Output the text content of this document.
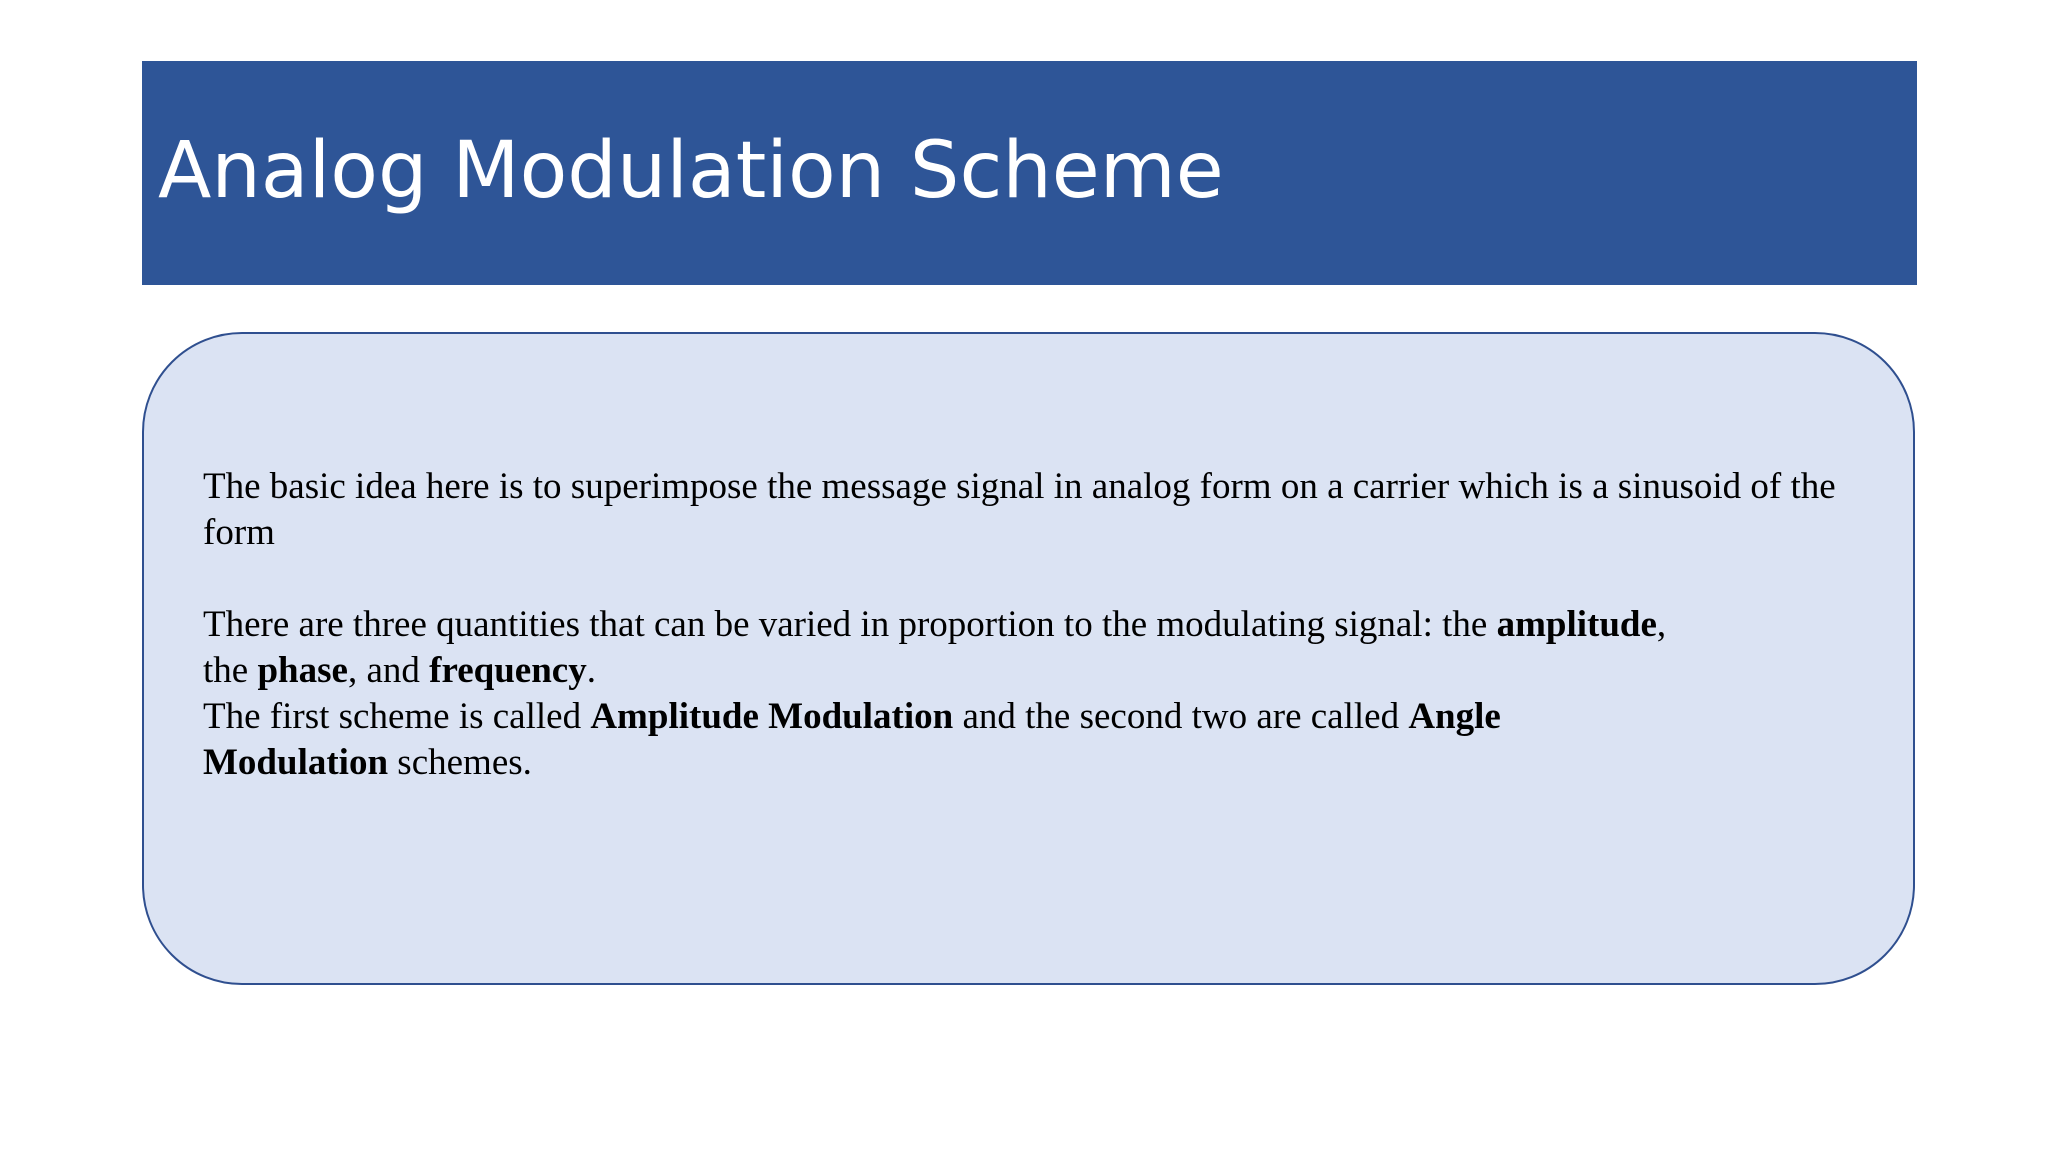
Analog Modulation Scheme

The basic idea here is to superimpose the message signal in analog form on a carrier which is a sinusoid of the form

There are three quantities that can be varied in proportion to the modulating signal: the amplitude,
the phase, and frequency.

The first scheme is called Amplitude Modulation and the second two are called Angle
Modulation schemes.
